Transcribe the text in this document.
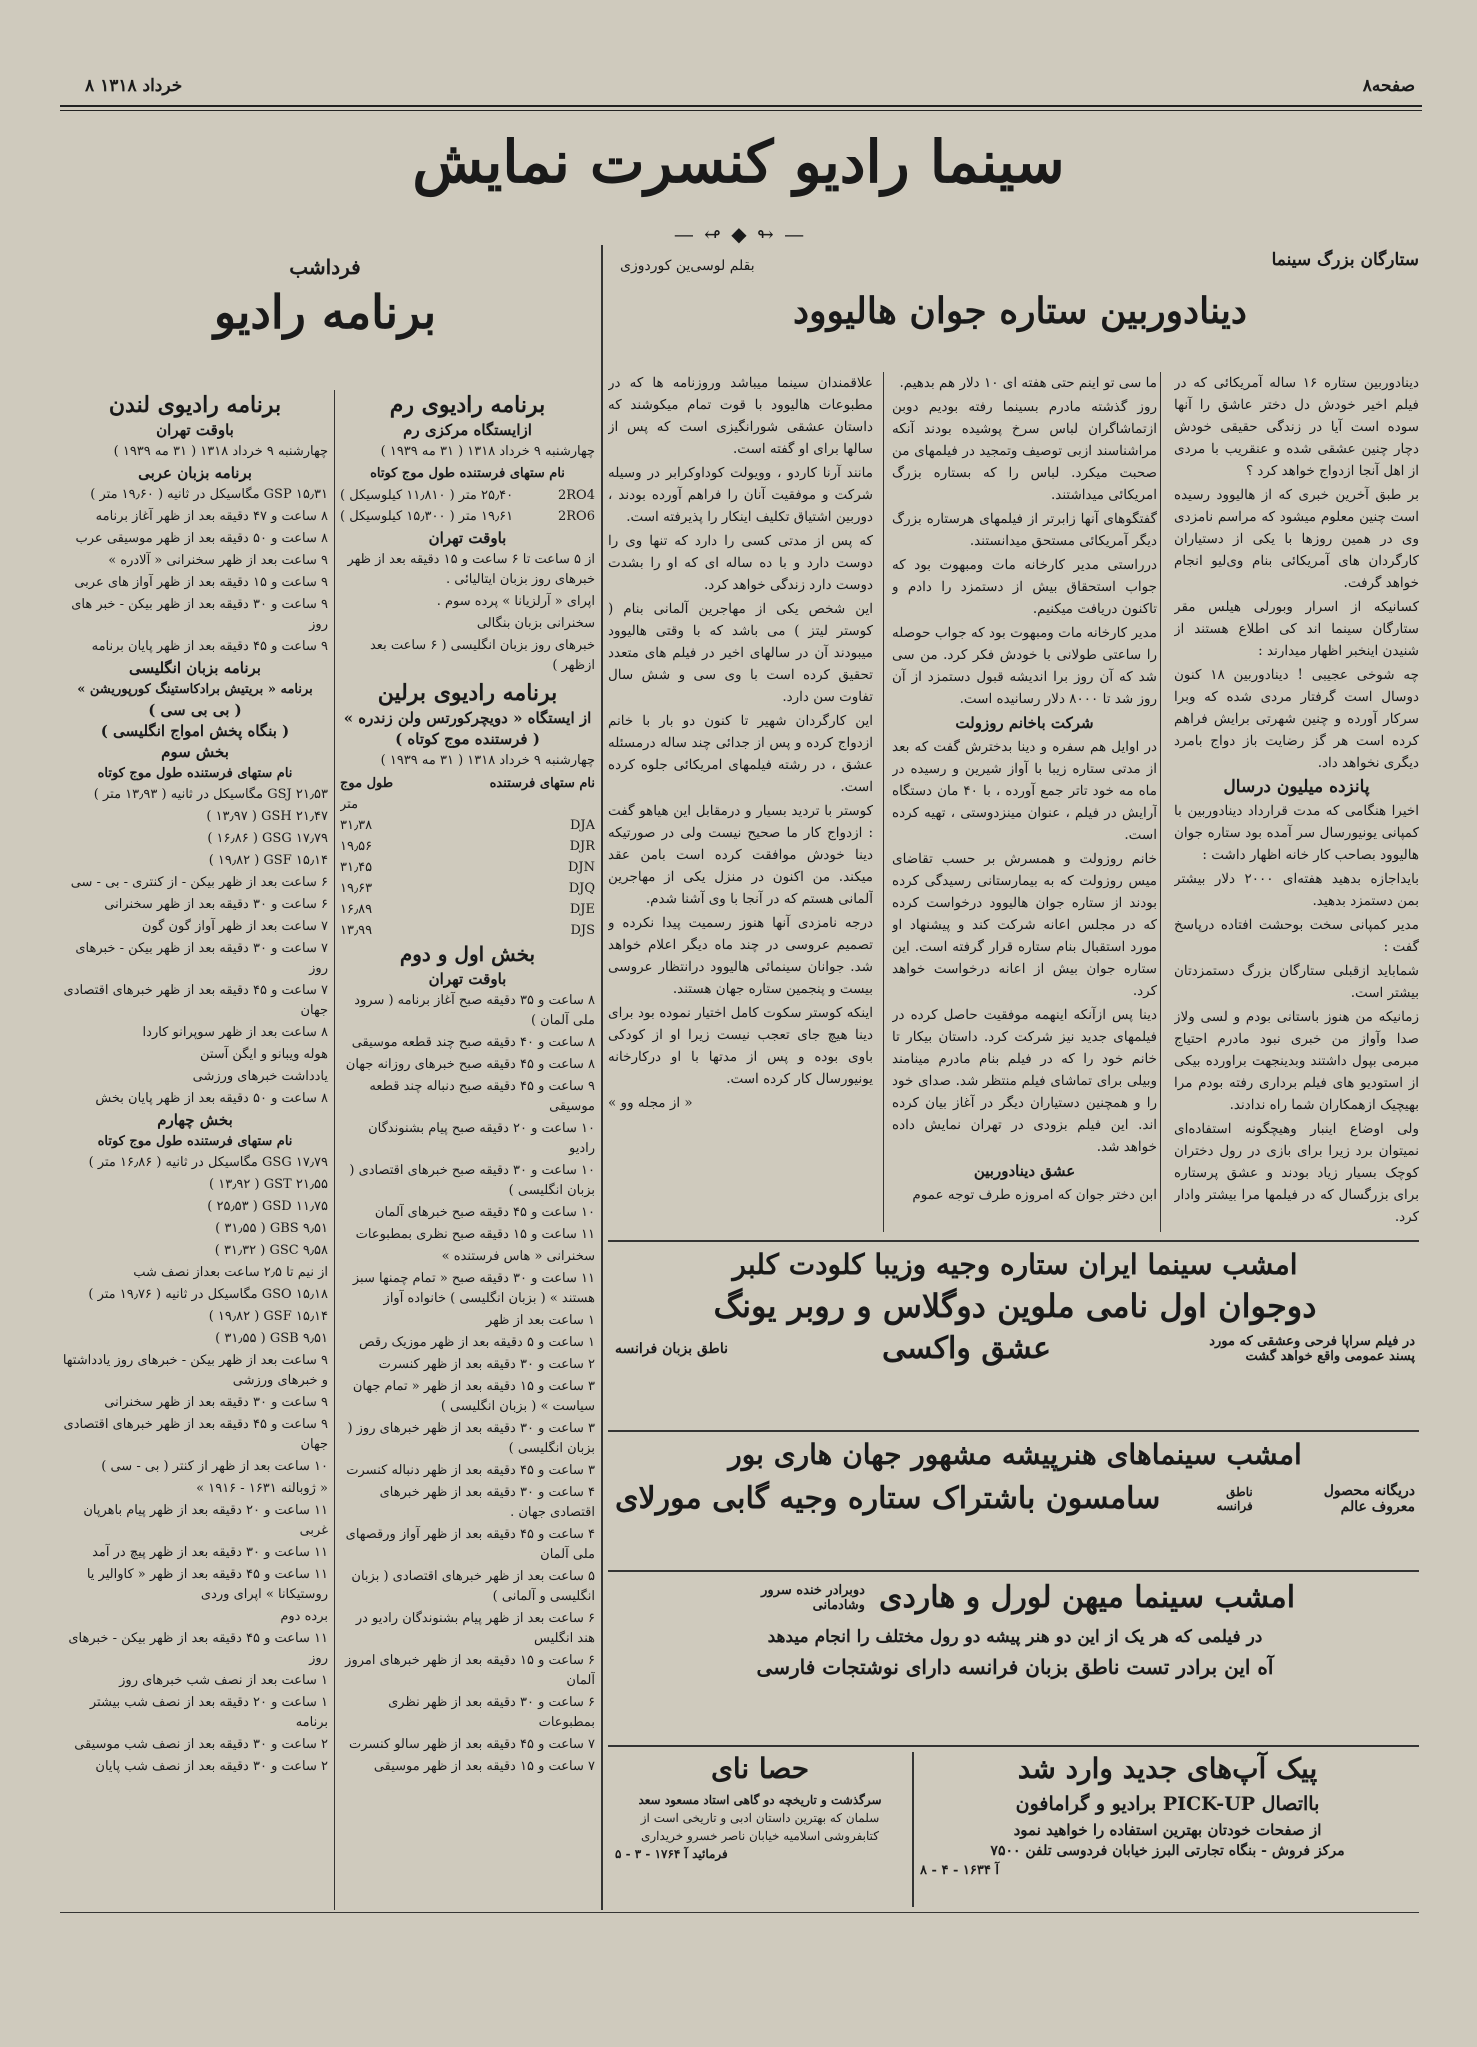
صفحه۸
۸ خرداد ۱۳۱۸
سینما رادیو کنسرت نمایش
— ↫ ◆ ↬ —
ستارگان بزرگ سینما
بقلم لوسی‌ین کوردوزی
دینادوربین ستاره جوان هالیوود

دینادوربین ستاره ۱۶ ساله آمریکائی که در فیلم اخیر خودش دل دختر عاشق را آنها سوده است آیا در زندگی حقیقی خودش دچار چنین عشقی شده و عنقریب با مردی از اهل آنجا ازدواج خواهد کرد ؟

بر طبق آخرین خبری که از هالیوود رسیده است چنین معلوم میشود که مراسم نامزدی وی در همین روزها با یکی از دستیاران کارگردان های آمریکائی بنام وی‌لیو انجام خواهد گرفت.

کسانیکه از اسرار وبورلی هیلس مقر ستارگان سینما اند کی اطلاع هستند از شنیدن اینخبر اظهار میدارند :

چه شوخی عجیبی ! دینادوربین ۱۸ کنون دوسال است گرفتار مردی شده که وبرا سرکار آورده و چنین شهرتی برایش فراهم کرده است هر گز رضایت باز دواج بامرد دیگری نخواهد داد.

پانزده میلیون درسال

اخیرا هنگامی که مدت قرارداد دینادوربین با کمپانی یونیورسال سر آمده بود ستاره جوان هالیوود بصاحب کار خانه اظهار داشت :

بایداجازه بدهید هفته‌ای ۲۰۰۰ دلار بیشتر بمن دستمزد بدهید.

مدیر کمپانی سخت بوحشت افتاده درپاسخ گفت :

شماباید ازقبلی ستارگان بزرگ دستمزدتان بیشتر است.

زمانیکه من هنوز باستانی بودم و لسی ولاز صدا وآواز من خبری نبود مادرم احتیاج مبرمی بپول داشتند وبدینجهت براورده بیکی از استودیو های فیلم برداری رفته بودم مرا بهیچیک ازهمکاران شما راه ندادند.

ولی اوضاع اینبار وهیچگونه استفاده‌ای نمیتوان برد زیرا برای بازی در رول دختران کوچک بسیار زیاد بودند و عشق پرستاره برای بزرگسال که در فیلمها مرا بیشتر وادار کرد.

ما سی تو اینم حتی هفته ای ۱۰ دلار هم بدهیم.

روز گذشته مادرم بسینما رفته بودیم دوبن ازتماشاگران لباس سرخ پوشیده بودند آنکه مراشناسند ازبی توصیف وتمجید در فیلمهای من صحبت میکرد. لباس را که بستاره بزرگ امریکائی میداشتند.

گفتگوهای آنها زابرتر از فیلمهای هرستاره بزرگ دیگر آمریکائی مستحق میدانستند.

درراستی مدیر کارخانه مات ومبهوت بود که جواب استحقاق بیش از دستمزد را دادم و تاکنون دریافت میکنیم.

مدیر کارخانه مات ومبهوت بود که جواب حوصله را ساعتی طولانی با خودش فکر کرد. من سی شد که آن روز برا اندیشه قبول دستمزد از آن روز شد تا ۸۰۰۰ دلار رسانیده است.

شرکت باخانم روزولت

در اوایل هم سفره و دینا بدخترش گفت که بعد از مدتی ستاره زیبا با آواز شیرین و رسیده در ماه مه خود تاتر جمع آورده ، با ۴۰ مان دستگاه آرایش در فیلم ، عنوان مینزدوستی ، تهیه کرده است.

خانم روزولت و همسرش بر حسب تقاضای میس روزولت که به بیمارستانی رسیدگی کرده بودند از ستاره جوان هالیوود درخواست کرده که در مجلس اعانه شرکت کند و پیشنهاد او مورد استقبال بنام ستاره قرار گرفته است. این ستاره جوان بیش از اعانه درخواست خواهد کرد.

دینا پس ازآنکه اینهمه موفقیت حاصل کرده در فیلمهای جدید نیز شرکت کرد. داستان بیکار تا خانم خود را که در فیلم بنام مادرم مینامند وبیلی برای تماشای فیلم منتظر شد. صدای خود را و همچنین دستیاران دیگر در آغاز بیان کرده اند. این فیلم بزودی در تهران نمایش داده خواهد شد.

عشق دینادوربین

ابن دختر جوان که امروزه طرف توجه عموم

علاقمندان سینما میباشد وروزنامه ها که در مطبوعات هالیوود با قوت تمام میکوشند که داستان عشقی شورانگیزی است که پس از سالها برای او گفته است.

مانند آرنا کاردو ، وویولت کوداوکرابر در وسیله شرکت و موفقیت آنان را فراهم آورده بودند ، دوربین اشتیاق تکلیف اینکار را پذیرفته است.

که پس از مدتی کسی را دارد که تنها وی را دوست دارد و با ده ساله ای که او را بشدت دوست دارد زندگی خواهد کرد.

این شخص یکی از مهاجرین آلمانی بنام ( کوستر لیتز ) می باشد که با وقتی هالیوود میبودند آن در سالهای اخیر در فیلم های متعدد تحقیق کرده است با وی سی و شش سال تفاوت سن دارد.

این کارگردان شهیر تا کنون دو بار با خانم ازدواج کرده و پس از جدائی چند ساله درمسئله عشق ، در رشته فیلمهای امریکائی جلوه کرده است.

کوستر با تردید بسیار و درمقابل این هیاهو گفت : ازدواج کار ما صحیح نیست ولی در صورتیکه دینا خودش موافقت کرده است بامن عقد میکند. من اکنون در منزل یکی از مهاجرین آلمانی هستم که در آنجا با وی آشنا شدم.

درجه نامزدی آنها هنوز رسمیت پیدا نکرده و تصمیم عروسی در چند ماه دیگر اعلام خواهد شد. جوانان سینمائی هالیوود درانتظار عروسی بیست و پنجمین ستاره جهان هستند.

اینکه کوستر سکوت کامل اختیار نموده بود برای دینا هیچ جای تعجب نیست زیرا او از کودکی باوی بوده و پس از مدتها با او درکارخانه یونیورسال کار کرده است.

« از مجله وو »

امشب سینما ایران ستاره وجیه وزیبا کلودت کلبر
دوجوان اول نامی ملوین دوگلاس و روبر یونگ
در فیلم سراپا فرحی وعشقی که مورد پسند عمومی واقع خواهد گشت
عشق واکسی
ناطق بزبان فرانسه
امشب سینماهای هنرپیشه مشهور جهان هاری بور
دریگانه محصول معروف عالم
ناطق فرانسه
سامسون باشتراک ستاره وجیه گابی مورلای
امشب سینما میهن لورل و هاردی
دوبرادر خنده سرور وشادمانی
در فیلمی که هر یک از این دو هنر پیشه دو رول مختلف را انجام میدهد
آه این برادر تست ناطق بزبان فرانسه دارای نوشتجات فارسی
پیک آپ‌های جدید وارد شد
بااتصال PICK-UP برادیو و گرامافون
از صفحات خودتان بهترین استفاده را خواهید نمود
مرکز فروش - بنگاه تجارتی البرز خیابان فردوسی تلفن ۷۵۰۰
آ ۱۶۳۴ - ۴ - ۸
حصا نای
سرگذشت و تاریخچه دو گاهی استاد مسعود سعد
سلمان که بهترین داستان ادبی و تاریخی است از
کتابفروشی اسلامیه خیابان ناصر خسرو خریداری
فرمائید آ ۱۷۶۴ - ۳ - ۵
فرداشب
برنامه رادیو
برنامه رادیوی رم
ازایستگاه مرکزی رم

چهارشنبه ۹ خرداد ۱۳۱۸ ( ۳۱ مه ۱۹۳۹ )

نام ستهای فرستنده طول موج کوتاه
2RO4
۲۵٫۴۰ متر ( ۱۱٫۸۱۰ کیلوسیکل )
2RO6
۱۹٫۶۱ متر ( ۱۵٫۳۰۰ کیلوسیکل )
باوقت تهران

از ۵ ساعت تا ۶ ساعت و ۱۵ دقیقه بعد از ظهر خبرهای روز بزبان ایتالیائی .

اپرای « آرلزیانا » پرده سوم .

سخنرانی بزبان بنگالی

خبرهای روز بزبان انگلیسی ( ۶ ساعت بعد ازظهر )

برنامه رادیوی برلین
از ایستگاه « دویچرکورتس ولن زندره »
( فرستنده موج کوتاه )

چهارشنبه ۹ خرداد ۱۳۱۸ ( ۳۱ مه ۱۹۳۹ )

نام ستهای فرستنده
طول موج
متر
DJA
۳۱٫۳۸
DJR
۱۹٫۵۶
DJN
۳۱٫۴۵
DJQ
۱۹٫۶۳
DJE
۱۶٫۸۹
DJS
۱۳٫۹۹
بخش اول و دوم
باوقت تهران

۸ ساعت و ۳۵ دقیقه صبح آغاز برنامه ( سرود ملی آلمان )

۸ ساعت و ۴۰ دقیقه صبح چند قطعه موسیقی

۸ ساعت و ۴۵ دقیقه صبح خبرهای روزانه جهان

۹ ساعت و ۴۵ دقیقه صبح دنباله چند قطعه موسیقی

۱۰ ساعت و ۲۰ دقیقه صبح پیام بشنوندگان رادیو

۱۰ ساعت و ۳۰ دقیقه صبح خبرهای اقتصادی ( بزبان انگلیسی )

۱۰ ساعت و ۴۵ دقیقه صبح خبرهای آلمان

۱۱ ساعت و ۱۵ دقیقه صبح نظری بمطبوعات

سخنرانی « هاس فرستنده »

۱۱ ساعت و ۳۰ دقیقه صبح « تمام چمنها سبز هستند » ( بزبان انگلیسی ) خانواده آواز

۱ ساعت بعد از ظهر

۱ ساعت و ۵ دقیقه بعد از ظهر موزیک رقص

۲ ساعت و ۳۰ دقیقه بعد از ظهر کنسرت

۳ ساعت و ۱۵ دقیقه بعد از ظهر « تمام جهان سیاست » ( بزبان انگلیسی )

۳ ساعت و ۳۰ دقیقه بعد از ظهر خبرهای روز ( بزبان انگلیسی )

۳ ساعت و ۴۵ دقیقه بعد از ظهر دنباله کنسرت

۴ ساعت و ۳۰ دقیقه بعد از ظهر خبرهای اقتصادی جهان .

۴ ساعت و ۴۵ دقیقه بعد از ظهر آواز ورقصهای ملی آلمان

۵ ساعت بعد از ظهر خبرهای اقتصادی ( بزبان انگلیسی و آلمانی )

۶ ساعت بعد از ظهر پیام بشنوندگان رادیو در هند انگلیس

۶ ساعت و ۱۵ دقیقه بعد از ظهر خبرهای امروز آلمان

۶ ساعت و ۳۰ دقیقه بعد از ظهر نظری بمطبوعات

۷ ساعت و ۴۵ دقیقه بعد از ظهر سالو کنسرت

۷ ساعت و ۱۵ دقیقه بعد از ظهر موسیقی

برنامه رادیوی لندن
باوقت تهران

چهارشنبه ۹ خرداد ۱۳۱۸ ( ۳۱ مه ۱۹۳۹ )

برنامه بزبان عربی

GSP ۱۵٫۳۱ مگاسیکل در ثانیه ( ۱۹٫۶۰ متر )

۸ ساعت و ۴۷ دقیقه بعد از ظهر آغاز برنامه

۸ ساعت و ۵۰ دقیقه بعد از ظهر موسیقی عرب

۹ ساعت بعد از ظهر سخنرانی « آلادره »

۹ ساعت و ۱۵ دقیقه بعد از ظهر آواز های عربی

۹ ساعت و ۳۰ دقیقه بعد از ظهر بیکن - خبر های روز

۹ ساعت و ۴۵ دقیقه بعد از ظهر پایان برنامه

برنامه بزبان انگلیسی
برنامه « بریتیش برادکاستینگ کورپوریشن »
( بی بی سی )
( بنگاه پخش امواج انگلیسی )
بخش سوم
نام ستهای فرستنده طول موج کوتاه

GSJ ۲۱٫۵۳ مگاسیکل در ثانیه ( ۱۳٫۹۳ متر )

GSH ۲۱٫۴۷ ( ۱۳٫۹۷ )

GSG ۱۷٫۷۹ ( ۱۶٫۸۶ )

GSF ۱۵٫۱۴ ( ۱۹٫۸۲ )

۶ ساعت بعد از ظهر بیکن - از کنتری - بی - سی

۶ ساعت و ۳۰ دقیقه بعد از ظهر سخنرانی

۷ ساعت بعد از ظهر آواز گون گون

۷ ساعت و ۳۰ دقیقه بعد از ظهر بیکن - خبرهای روز

۷ ساعت و ۴۵ دقیقه بعد از ظهر خبرهای اقتصادی جهان

۸ ساعت بعد از ظهر سوپرانو کاردا

هوله ویبانو و ایگن آستن

یادداشت خبرهای ورزشی

۸ ساعت و ۵۰ دقیقه بعد از ظهر پایان بخش

بخش چهارم
نام ستهای فرستنده طول موج کوتاه

GSG ۱۷٫۷۹ مگاسیکل در ثانیه ( ۱۶٫۸۶ متر )

GST ۲۱٫۵۵ ( ۱۳٫۹۲ )

GSD ۱۱٫۷۵ ( ۲۵٫۵۳ )

GBS ۹٫۵۱ ( ۳۱٫۵۵ )

GSC ۹٫۵۸ ( ۳۱٫۳۲ )

از نیم تا ۲٫۵ ساعت بعداز نصف شب

GSO ۱۵٫۱۸ مگاسیکل در ثانیه ( ۱۹٫۷۶ متر )

GSF ۱۵٫۱۴ ( ۱۹٫۸۲ )

GSB ۹٫۵۱ ( ۳۱٫۵۵ )

۹ ساعت بعد از ظهر بیکن - خبرهای روز یادداشتها و خبرهای ورزشی

۹ ساعت و ۳۰ دقیقه بعد از ظهر سخنرانی

۹ ساعت و ۴۵ دقیقه بعد از ظهر خبرهای اقتصادی جهان

۱۰ ساعت بعد از ظهر از کنتر ( بی - سی )

« ژوبالنه ۱۶۳۱ - ۱۹۱۶ »

۱۱ ساعت و ۲۰ دقیقه بعد از ظهر پیام باهرپان غربی

۱۱ ساعت و ۳۰ دقیقه بعد از ظهر پیچ در آمد

۱۱ ساعت و ۴۵ دقیقه بعد از ظهر « کاوالیر یا روستیکانا » اپرای وردی

برده دوم

۱۱ ساعت و ۴۵ دقیقه بعد از ظهر بیکن - خبرهای روز

۱ ساعت بعد از نصف شب خبرهای روز

۱ ساعت و ۲۰ دقیقه بعد از نصف شب بیشتر برنامه

۲ ساعت و ۳۰ دقیقه بعد از نصف شب موسیقی

۲ ساعت و ۳۰ دقیقه بعد از نصف شب پایان
